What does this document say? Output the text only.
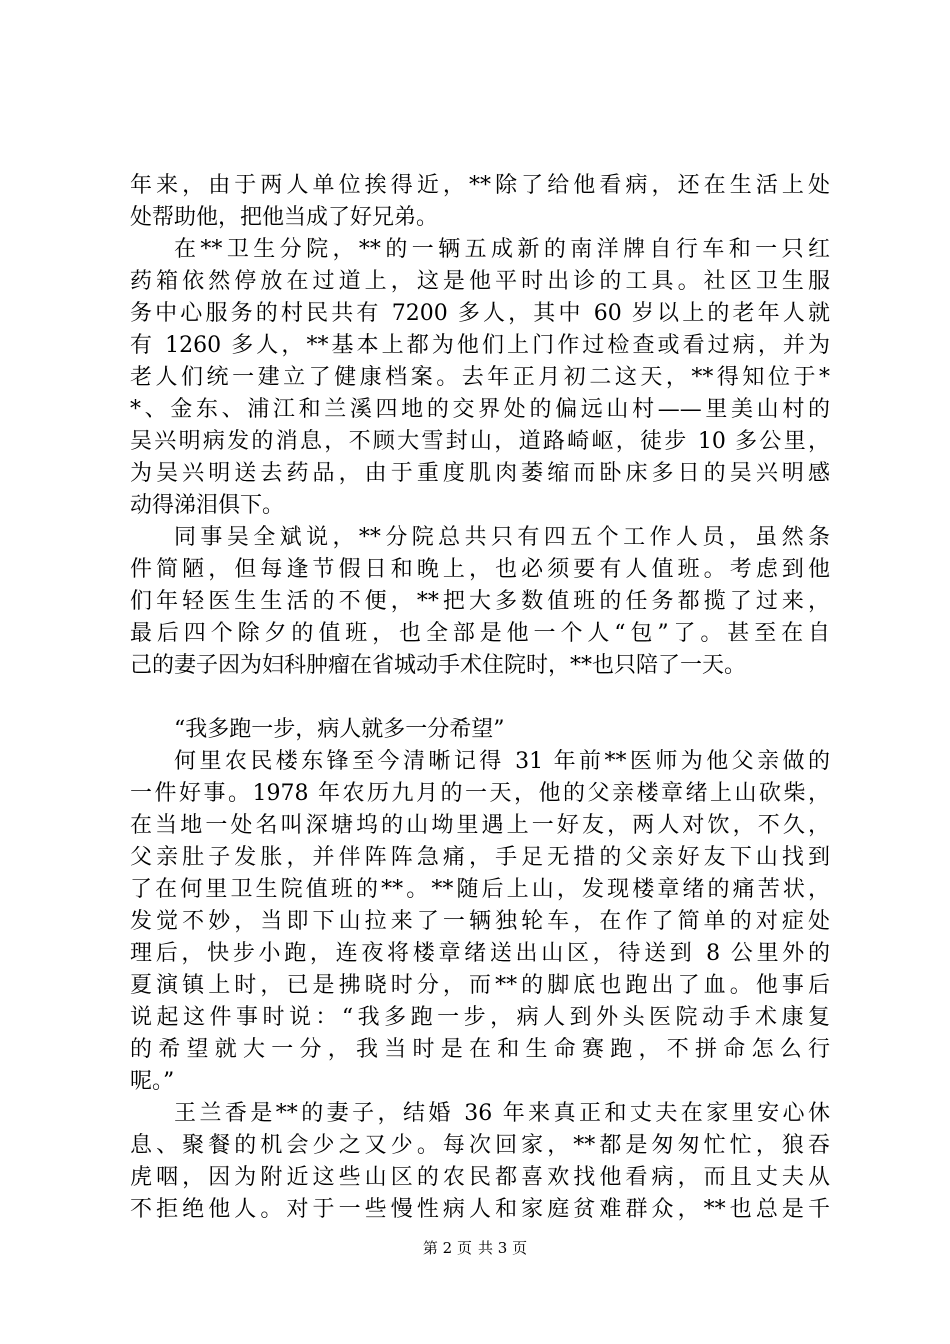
年来，由于两人单位挨得近，**除了给他看病，还在生活上处
处帮助他，把他当成了好兄弟。
在**卫生分院，**的一辆五成新的南洋牌自行车和一只红
药箱依然停放在过道上，这是他平时出诊的工具。社区卫生服
务中心服务的村民共有 7200 多人，其中 60 岁以上的老年人就
有 1260 多人，**基本上都为他们上门作过检查或看过病，并为
老人们统一建立了健康档案。去年正月初二这天，**得知位于*
*、金东、浦江和兰溪四地的交界处的偏远山村——里美山村的
吴兴明病发的消息，不顾大雪封山，道路崎岖，徒步 10 多公里，
为吴兴明送去药品，由于重度肌肉萎缩而卧床多日的吴兴明感
动得涕泪俱下。
同事吴全斌说，**分院总共只有四五个工作人员，虽然条
件简陋，但每逢节假日和晚上，也必须要有人值班。考虑到他
们年轻医生生活的不便，**把大多数值班的任务都揽了过来，
最后四个除夕的值班，也全部是他一个人“包”了。甚至在自
己的妻子因为妇科肿瘤在省城动手术住院时，**也只陪了一天。
“我多跑一步，病人就多一分希望”
何里农民楼东锋至今清晰记得 31 年前**医师为他父亲做的
一件好事。1978 年农历九月的一天，他的父亲楼章绪上山砍柴，
在当地一处名叫深塘坞的山坳里遇上一好友，两人对饮，不久，
父亲肚子发胀，并伴阵阵急痛，手足无措的父亲好友下山找到
了在何里卫生院值班的**。**随后上山，发现楼章绪的痛苦状，
发觉不妙，当即下山拉来了一辆独轮车，在作了简单的对症处
理后，快步小跑，连夜将楼章绪送出山区，待送到 8 公里外的
夏演镇上时，已是拂晓时分，而**的脚底也跑出了血。他事后
说起这件事时说：“我多跑一步，病人到外头医院动手术康复
的希望就大一分，我当时是在和生命赛跑，不拼命怎么行
呢。”
王兰香是**的妻子，结婚 36 年来真正和丈夫在家里安心休
息、聚餐的机会少之又少。每次回家，**都是匆匆忙忙，狼吞
虎咽，因为附近这些山区的农民都喜欢找他看病，而且丈夫从
不拒绝他人。对于一些慢性病人和家庭贫难群众，**也总是千
第 2 页 共 3 页
